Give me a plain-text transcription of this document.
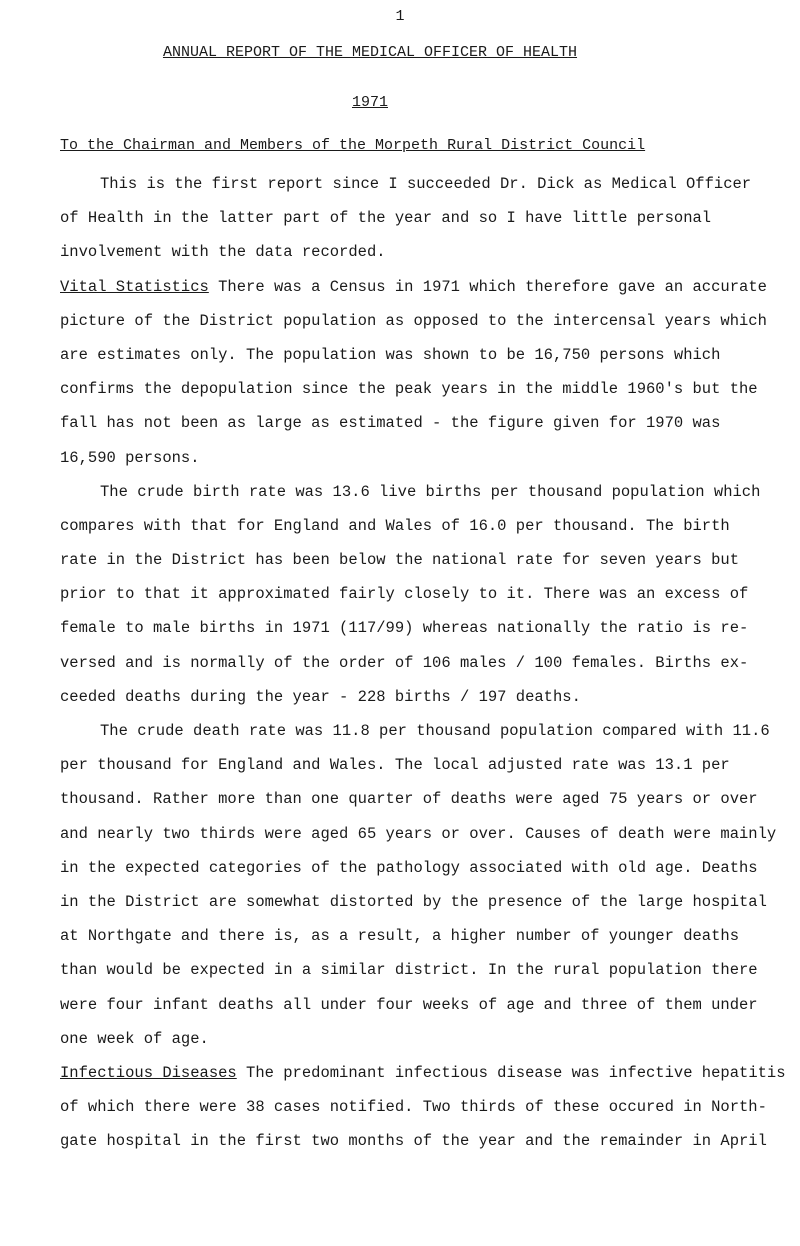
1
ANNUAL REPORT OF THE MEDICAL OFFICER OF HEALTH
1971
To the Chairman and Members of the Morpeth Rural District Council
This is the first report since I succeeded Dr. Dick as Medical Officer
of Health in the latter part of the year and so I have little personal
involvement with the data recorded.
Vital Statistics There was a Census in 1971 which therefore gave an accurate
picture of the District population as opposed to the intercensal years which
are estimates only. The population was shown to be 16,750 persons which
confirms the depopulation since the peak years in the middle 1960's but the
fall has not been as large as estimated - the figure given for 1970 was
16,590 persons.
The crude birth rate was 13.6 live births per thousand population which
compares with that for England and Wales of 16.0 per thousand. The birth
rate in the District has been below the national rate for seven years but
prior to that it approximated fairly closely to it. There was an excess of
female to male births in 1971 (117/99) whereas nationally the ratio is re-
versed and is normally of the order of 106 males / 100 females. Births ex-
ceeded deaths during the year - 228 births / 197 deaths.
The crude death rate was 11.8 per thousand population compared with 11.6
per thousand for England and Wales. The local adjusted rate was 13.1 per
thousand. Rather more than one quarter of deaths were aged 75 years or over
and nearly two thirds were aged 65 years or over. Causes of death were mainly
in the expected categories of the pathology associated with old age. Deaths
in the District are somewhat distorted by the presence of the large hospital
at Northgate and there is, as a result, a higher number of younger deaths
than would be expected in a similar district. In the rural population there
were four infant deaths all under four weeks of age and three of them under
one week of age.
Infectious Diseases The predominant infectious disease was infective hepatitis
of which there were 38 cases notified. Two thirds of these occured in North-
gate hospital in the first two months of the year and the remainder in April
